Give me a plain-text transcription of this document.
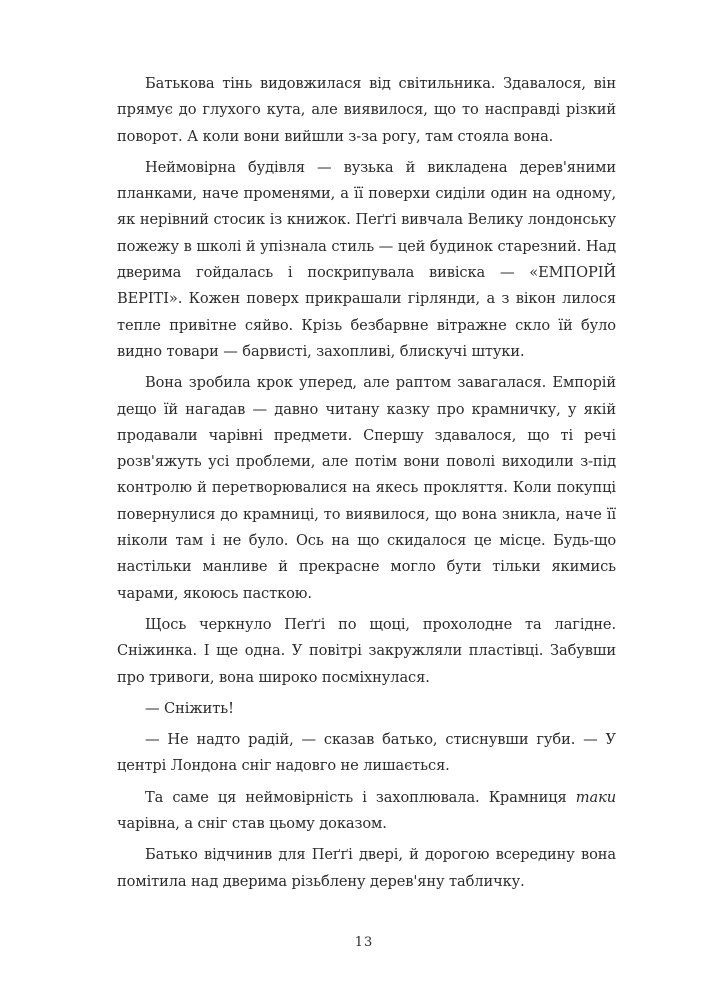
Батькова тінь видовжилася від світильника. Здавалося, він прямує до глухого кута, але виявилося, що то насправді різкий поворот. А коли вони вийшли з-за рогу, там стояла вона.

Неймовірна будівля — вузька й викладена дерев'яними планками, наче променями, а її поверхи сиділи один на одному, як нерівний стосик із книжок. Пеґґі вивчала Велику лондонську пожежу в школі й упізнала стиль — цей будинок старезний. Над дверима гойдалась і поскрипувала вивіска — «ЕМПОРІЙ ВЕРІТІ». Кожен поверх прикрашали гірлянди, а з вікон лилося тепле привітне сяйво. Крізь безбарвне вітражне скло їй було видно товари — барвисті, захопливі, блискучі штуки.

Вона зробила крок уперед, але раптом завагалася. Емпорій дещо їй нагадав — давно читану казку про крамничку, у якій продавали чарівні предмети. Спершу здавалося, що ті речі розв'яжуть усі проблеми, але потім вони поволі виходили з-під контролю й перетворювалися на якесь прокляття. Коли покупці повернулися до крамниці, то виявилося, що вона зникла, наче її ніколи там і не було. Ось на що скидалося це місце. Будь-що настільки манливе й прекрасне могло бути тільки якимись чарами, якоюсь пасткою.

Щось черкнуло Пеґґі по щоці, прохолодне та лагідне. Сніжинка. І ще одна. У повітрі закружляли пластівці. Забувши про тривоги, вона широко посміхнулася.

— Сніжить!

— Не надто радій, — сказав батько, стиснувши губи. — У центрі Лондона сніг надовго не лишається.

Та саме ця неймовірність і захоплювала. Крамниця таки чарівна, а сніг став цьому доказом.

Батько відчинив для Пеґґі двері, й дорогою всередину вона помітила над дверима різьблену дерев'яну табличку.

13
